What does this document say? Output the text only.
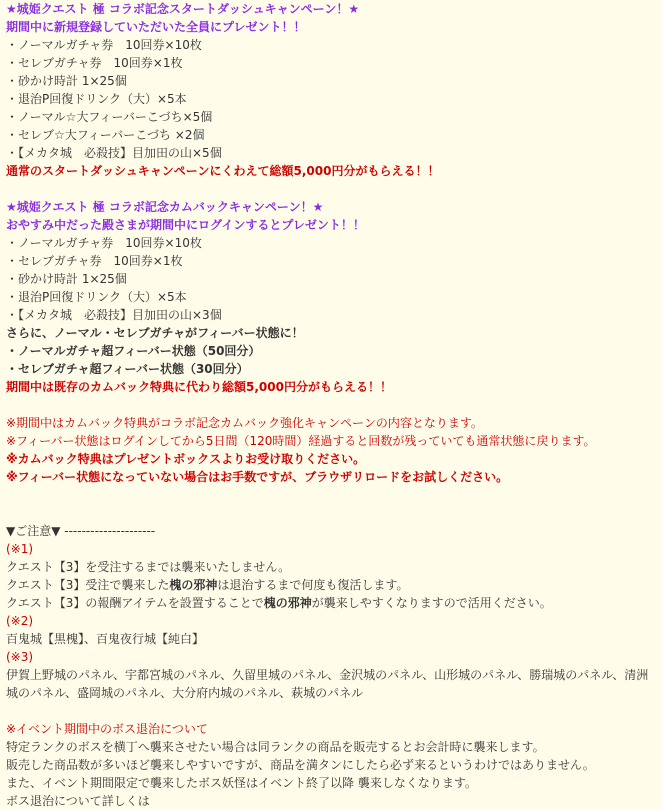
★城姫クエスト 極 コラボ記念スタートダッシュキャンペーン！★
期間中に新規登録していただいた全員にプレゼント！！
・ノーマルガチャ券　10回券×10枚
・セレブガチャ券　10回券×1枚
・砂かけ時計 1×25個
・退治P回復ドリンク（大）×5本
・ノーマル☆大フィーバーこづち×5個
・セレブ☆大フィーバーこづち ×2個
・【メカタ城　必殺技】目加田の山×5個
通常のスタートダッシュキャンペーンにくわえて総額5,000円分がもらえる！！
★城姫クエスト 極 コラボ記念カムバックキャンペーン！★
おやすみ中だった殿さまが期間中にログインするとプレゼント！！
・ノーマルガチャ券　10回券×10枚
・セレブガチャ券　10回券×1枚
・砂かけ時計 1×25個
・退治P回復ドリンク（大）×5本
・【メカタ城　必殺技】目加田の山×3個
さらに、ノーマル・セレブガチャがフィーバー状態に！
・ノーマルガチャ超フィーバー状態（50回分）
・セレブガチャ超フィーバー状態（30回分）
期間中は既存のカムバック特典に代わり総額5,000円分がもらえる！！
※期間中はカムバック特典がコラボ記念カムバック強化キャンペーンの内容となります。
※フィーバー状態はログインしてから5日間（120時間）経過すると回数が残っていても通常状態に戻ります。
※カムバック特典はプレゼントボックスよりお受け取りください。
※フィーバー状態になっていない場合はお手数ですが、ブラウザリロードをお試しください。
▼ご注意▼ ---------------------
(※1)
クエスト【3】を受注するまでは襲来いたしません。
クエスト【3】受注で襲来した槐の邪神は退治するまで何度も復活します。
クエスト【3】の報酬アイテムを設置することで槐の邪神が襲来しやすくなりますので活用ください。
(※2)
百鬼城【黒槐】、百鬼夜行城【純白】
(※3)
伊賀上野城のパネル、宇都宮城のパネル、久留里城のパネル、金沢城のパネル、山形城のパネル、勝瑞城のパネル、清洲城のパネル、盛岡城のパネル、大分府内城のパネル、萩城のパネル
※イベント期間中のボス退治について
特定ランクのボスを横丁へ襲来させたい場合は同ランクの商品を販売するとお会計時に襲来します。
販売した商品数が多いほど襲来しやすいですが、商品を満タンにしたら必ず来るというわけではありません。
また、イベント期間限定で襲来したボス妖怪はイベント終了以降 襲来しなくなります。
ボス退治について詳しくは
